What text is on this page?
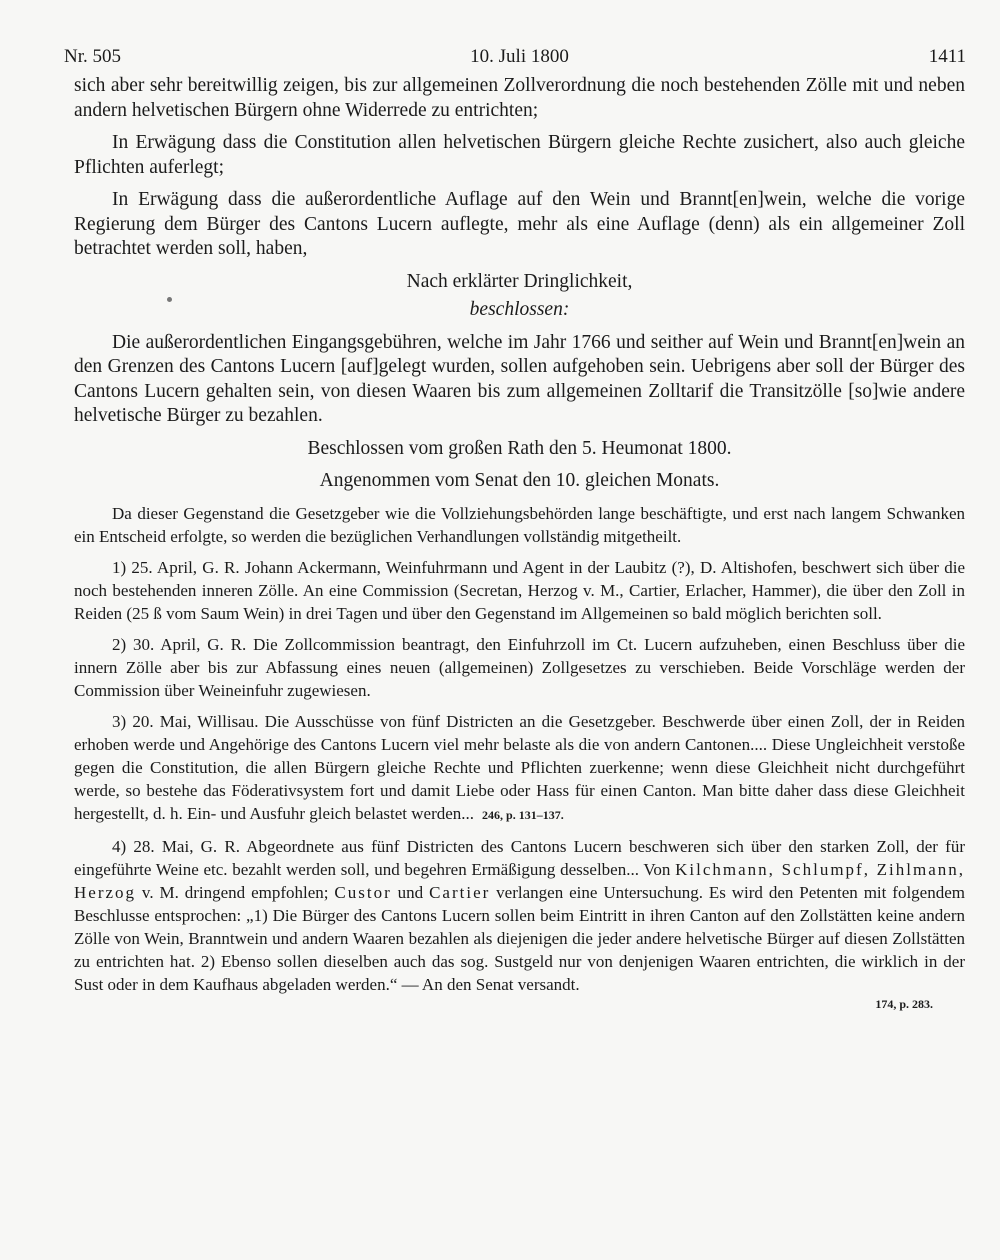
Nr. 505	10. Juli 1800	1411

sich aber sehr bereitwillig zeigen, bis zur allgemeinen Zollverordnung die noch bestehenden Zölle mit und neben andern helvetischen Bürgern ohne Widerrede zu entrichten;

In Erwägung dass die Constitution allen helvetischen Bürgern gleiche Rechte zusichert, also auch gleiche Pflichten auferlegt;

In Erwägung dass die außerordentliche Auflage auf den Wein und Brannt[en]wein, welche die vorige Regierung dem Bürger des Cantons Lucern auflegte, mehr als eine Auflage (denn) als ein allgemeiner Zoll betrachtet werden soll, haben,

Nach erklärter Dringlichkeit,

beschlossen:

Die außerordentlichen Eingangsgebühren, welche im Jahr 1766 und seither auf Wein und Brannt[en]wein an den Grenzen des Cantons Lucern [auf]gelegt wurden, sollen aufgehoben sein. Uebrigens aber soll der Bürger des Cantons Lucern gehalten sein, von diesen Waaren bis zum allgemeinen Zolltarif die Transitzölle [so]wie andere helvetische Bürger zu bezahlen.

Beschlossen vom großen Rath den 5. Heumonat 1800.

Angenommen vom Senat den 10. gleichen Monats.

Da dieser Gegenstand die Gesetzgeber wie die Vollziehungsbehörden lange beschäftigte, und erst nach langem Schwanken ein Entscheid erfolgte, so werden die bezüglichen Verhandlungen vollständig mitgetheilt.

1) 25. April, G. R. Johann Ackermann, Weinfuhrmann und Agent in der Laubitz (?), D. Altishofen, beschwert sich über die noch bestehenden inneren Zölle. An eine Commission (Secretan, Herzog v. M., Cartier, Erlacher, Hammer), die über den Zoll in Reiden (25 ß vom Saum Wein) in drei Tagen und über den Gegenstand im Allgemeinen so bald möglich berichten soll.

2) 30. April, G. R. Die Zollcommission beantragt, den Einfuhrzoll im Ct. Lucern aufzuheben, einen Beschluss über die innern Zölle aber bis zur Abfassung eines neuen (allgemeinen) Zollgesetzes zu verschieben. Beide Vorschläge werden der Commission über Weineinfuhr zugewiesen.

3) 20. Mai, Willisau. Die Ausschüsse von fünf Districten an die Gesetzgeber. Beschwerde über einen Zoll, der in Reiden erhoben werde und Angehörige des Cantons Lucern viel mehr belaste als die von andern Cantonen.... Diese Ungleichheit verstoße gegen die Constitution, die allen Bürgern gleiche Rechte und Pflichten zuerkenne; wenn diese Gleichheit nicht durchgeführt werde, so bestehe das Föderativsystem fort und damit Liebe oder Hass für einen Canton. Man bitte daher dass diese Gleichheit hergestellt, d. h. Ein- und Ausfuhr gleich belastet werden... 246, p. 131–137.

4) 28. Mai, G. R. Abgeordnete aus fünf Districten des Cantons Lucern beschweren sich über den starken Zoll, der für eingeführte Weine etc. bezahlt werden soll, und begehren Ermäßigung desselben... Von Kilchmann, Schlumpf, Zihlmann, Herzog v. M. dringend empfohlen; Custor und Cartier verlangen eine Untersuchung. Es wird den Petenten mit folgendem Beschlusse entsprochen: „1) Die Bürger des Cantons Lucern sollen beim Eintritt in ihren Canton auf den Zollstätten keine andern Zölle von Wein, Branntwein und andern Waaren bezahlen als diejenigen die jeder andere helvetische Bürger auf diesen Zollstätten zu entrichten hat. 2) Ebenso sollen dieselben auch das sog. Sustgeld nur von denjenigen Waaren entrichten, die wirklich in der Sust oder in dem Kaufhaus abgeladen werden.“ — An den Senat versandt.

174, p. 283.
